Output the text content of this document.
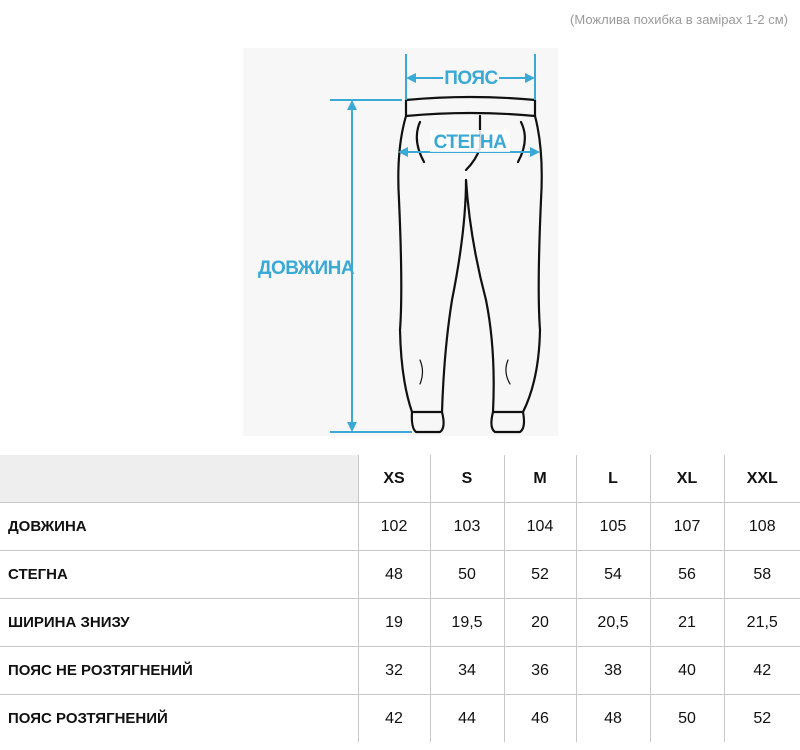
(Можлива похибка в замірах 1-2 см)
ПОЯС
СТЕГНА
ДОВЖИНА
	XS	S	M	L	XL	XXL
ДОВЖИНА	102	103	104	105	107	108
СТЕГНА	48	50	52	54	56	58
ШИРИНА ЗНИЗУ	19	19,5	20	20,5	21	21,5
ПОЯС НЕ РОЗТЯГНЕНИЙ	32	34	36	38	40	42
ПОЯС РОЗТЯГНЕНИЙ	42	44	46	48	50	52
